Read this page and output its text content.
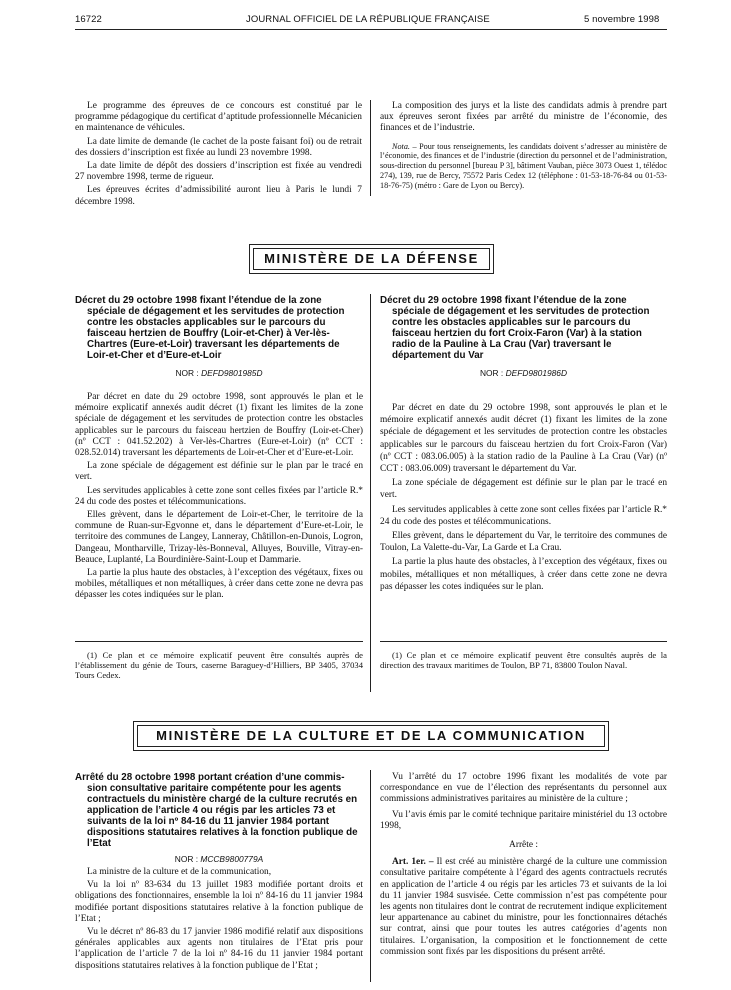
16722	JOURNAL OFFICIEL DE LA RÉPUBLIQUE FRANÇAISE	5 novembre 1998

Le programme des épreuves de ce concours est constitué par le programme pédagogique du certificat d’aptitude professionnelle Mécanicien en maintenance de véhicules.

La date limite de demande (le cachet de la poste faisant foi) ou de retrait des dossiers d’inscription est fixée au lundi 23 novembre 1998.

La date limite de dépôt des dossiers d’inscription est fixée au vendredi 27 novembre 1998, terme de rigueur.

Les épreuves écrites d’admissibilité auront lieu à Paris le lundi 7 décembre 1998.

La composition des jurys et la liste des candidats admis à prendre part aux épreuves seront fixées par arrêté du ministre de l’économie, des finances et de l’industrie.

Nota. – Pour tous renseignements, les candidats doivent s’adresser au ministère de l’économie, des finances et de l’industrie (direction du personnel et de l’administration, sous-direction du personnel [bureau P 3], bâtiment Vauban, pièce 3073 Ouest 1, télédoc 274), 139, rue de Bercy, 75572 Paris Cedex 12 (téléphone : 01-53-18-76-84 ou 01-53-18-76-75) (métro : Gare de Lyon ou Bercy).

MINISTÈRE DE LA DÉFENSE
Décret du 29 octobre 1998 fixant l’étendue de la zone
spéciale de dégagement et les servitudes de protection contre les obstacles applicables sur le parcours du faisceau hertzien de Bouffry (Loir-et-Cher) à Ver-lès-Chartres (Eure-et-Loir) traversant les départements de Loir-et-Cher et d’Eure-et-Loir
NOR : DEFD9801985D

Par décret en date du 29 octobre 1998, sont approuvés le plan et le mémoire explicatif annexés audit décret (1) fixant les limites de la zone spéciale de dégagement et les servitudes de protection contre les obstacles applicables sur le parcours du faisceau hertzien de Bouffry (Loir-et-Cher) (nº CCT : 041.52.202) à Ver-lès-Chartres (Eure-et-Loir) (nº CCT : 028.52.014) traversant les départements de Loir-et-Cher et d’Eure-et-Loir.

La zone spéciale de dégagement est définie sur le plan par le tracé en vert.

Les servitudes applicables à cette zone sont celles fixées par l’article R.* 24 du code des postes et télécommunications.

Elles grèvent, dans le département de Loir-et-Cher, le territoire de la commune de Ruan-sur-Egvonne et, dans le département d’Eure-et-Loir, le territoire des communes de Langey, Lanneray, Châtillon-en-Dunois, Logron, Dangeau, Montharville, Trizay-lès-Bonneval, Alluyes, Bouville, Vitray-en-Beauce, Luplanté, La Bourdinière-Saint-Loup et Dammarie.

La partie la plus haute des obstacles, à l’exception des végétaux, fixes ou mobiles, métalliques et non métalliques, à créer dans cette zone ne devra pas dépasser les cotes indiquées sur le plan.

Décret du 29 octobre 1998 fixant l’étendue de la zone
spéciale de dégagement et les servitudes de protection contre les obstacles applicables sur le parcours du faisceau hertzien du fort Croix-Faron (Var) à la station radio de la Pauline à La Crau (Var) traversant le département du Var
NOR : DEFD9801986D

Par décret en date du 29 octobre 1998, sont approuvés le plan et le mémoire explicatif annexés audit décret (1) fixant les limites de la zone spéciale de dégagement et les servitudes de protection contre les obstacles applicables sur le parcours du faisceau hertzien du fort Croix-Faron (Var) (nº CCT : 083.06.005) à la station radio de la Pauline à La Crau (Var) (nº CCT : 083.06.009) traversant le département du Var.

La zone spéciale de dégagement est définie sur le plan par le tracé en vert.

Les servitudes applicables à cette zone sont celles fixées par l’article R.* 24 du code des postes et télécommunications.

Elles grèvent, dans le département du Var, le territoire des communes de Toulon, La Valette-du-Var, La Garde et La Crau.

La partie la plus haute des obstacles, à l’exception des végétaux, fixes ou mobiles, métalliques et non métalliques, à créer dans cette zone ne devra pas dépasser les cotes indiquées sur le plan.

(1) Ce plan et ce mémoire explicatif peuvent être consultés auprès de l’établissement du génie de Tours, caserne Baraguey-d’Hilliers, BP 3405, 37034 Tours Cedex.

(1) Ce plan et ce mémoire explicatif peuvent être consultés auprès de la direction des travaux maritimes de Toulon, BP 71, 83800 Toulon Naval.

MINISTÈRE DE LA CULTURE ET DE LA COMMUNICATION
Arrêté du 28 octobre 1998 portant création d’une commis-
sion consultative paritaire compétente pour les agents contractuels du ministère chargé de la culture recrutés en application de l’article 4 ou régis par les articles 73 et suivants de la loi nº 84-16 du 11 janvier 1984 portant dispositions statutaires relatives à la fonction publique de l’Etat
NOR : MCCB9800779A

La ministre de la culture et de la communication,

Vu la loi nº 83-634 du 13 juillet 1983 modifiée portant droits et obligations des fonctionnaires, ensemble la loi nº 84-16 du 11 janvier 1984 modifiée portant dispositions statutaires relative à la fonction publique de l’Etat ;

Vu le décret nº 86-83 du 17 janvier 1986 modifié relatif aux dispositions générales applicables aux agents non titulaires de l’Etat pris pour l’application de l’article 7 de la loi nº 84-16 du 11 janvier 1984 portant dispositions statutaires relatives à la fonction publique de l’Etat ;

Vu l’arrêté du 17 octobre 1996 fixant les modalités de vote par correspondance en vue de l’élection des représentants du personnel aux commissions administratives paritaires au ministère de la culture ;

Vu l’avis émis par le comité technique paritaire ministériel du 13 octobre 1998,

Arrête :

Art. 1er. – Il est créé au ministère chargé de la culture une commission consultative paritaire compétente à l’égard des agents contractuels recrutés en application de l’article 4 ou régis par les articles 73 et suivants de la loi du 11 janvier 1984 susvisée. Cette commission n’est pas compétente pour les agents non titulaires dont le contrat de recrutement indique explicitement leur appartenance au cabinet du ministre, pour les fonctionnaires détachés sur contrat, ainsi que pour toutes les autres catégories d’agents non titulaires. L’organisation, la composition et le fonctionnement de cette commission sont fixés par les dispositions du présent arrêté.
